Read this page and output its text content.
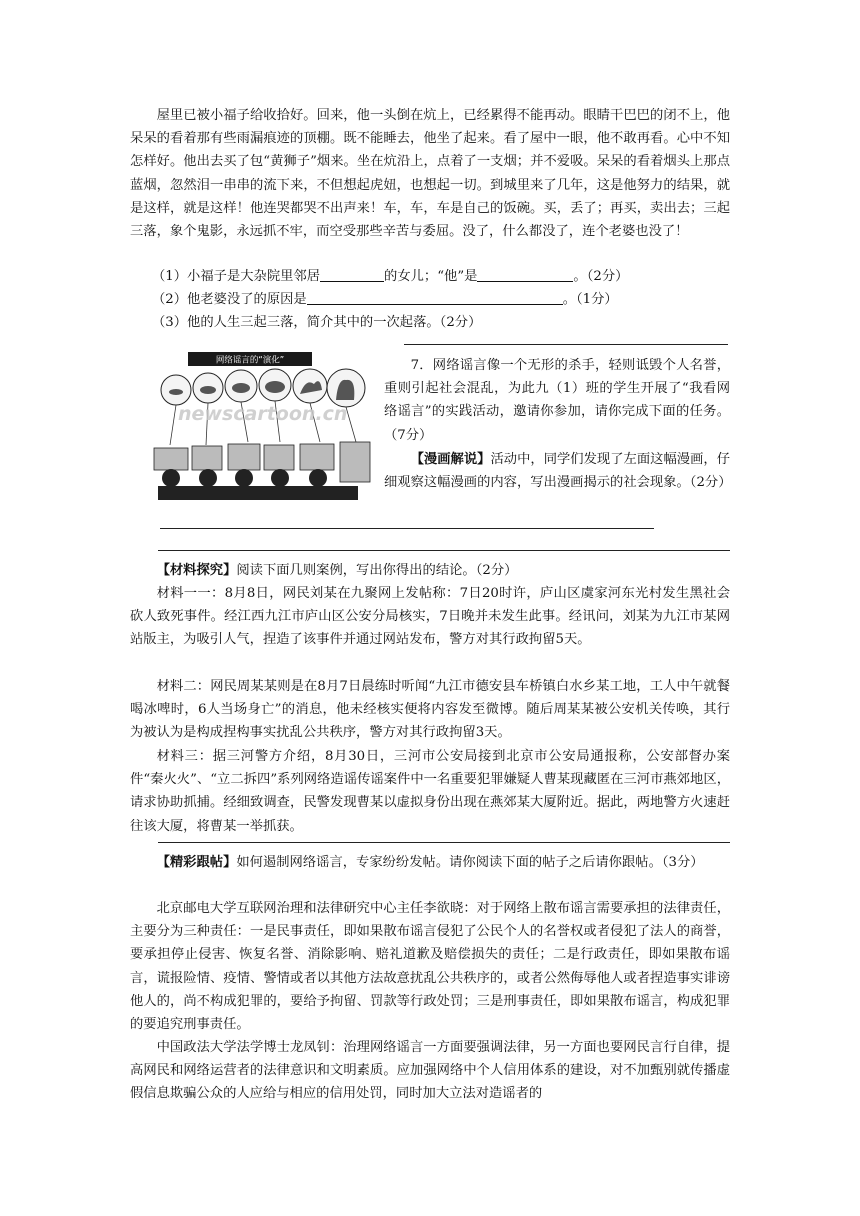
屋里已被小福子给收拾好。回来，他一头倒在炕上，已经累得不能再动。眼睛干巴巴的闭不上，他呆呆的看着那有些雨漏痕迹的顶棚。既不能睡去，他坐了起来。看了屋中一眼，他不敢再看。心中不知怎样好。他出去买了包“黄狮子”烟来。坐在炕沿上，点着了一支烟；并不爱吸。呆呆的看着烟头上那点蓝烟，忽然泪一串串的流下来，不但想起虎妞，也想起一切。到城里来了几年，这是他努力的结果，就是这样，就是这样！他连哭都哭不出声来！车，车，车是自己的饭碗。买，丢了；再买，卖出去；三起三落，象个鬼影，永远抓不牢，而空受那些辛苦与委屈。没了，什么都没了，连个老婆也没了！

（1）小福子是大杂院里邻居	的女儿；“他”是	。（2分）
（2）他老婆没了的原因是	。（1分）
（3）他的人生三起三落，简介其中的一次起落。（2分）
网络谣言的“演化”
newscartoon.cn

7．网络谣言像一个无形的杀手，轻则诋毁个人名誉，重则引起社会混乱，为此九（1）班的学生开展了“我看网络谣言”的实践活动，邀请你参加，请你完成下面的任务。（7分）

【漫画解说】活动中，同学们发现了左面这幅漫画，仔细观察这幅漫画的内容，写出漫画揭示的社会现象。（2分）

【材料探究】阅读下面几则案例，写出你得出的结论。（2分）

材料一一：8月8日，网民刘某在九聚网上发帖称：7日20时许，庐山区虞家河东光村发生黑社会砍人致死事件。经江西九江市庐山区公安分局核实，7日晚并未发生此事。经讯问，刘某为九江市某网站版主，为吸引人气，捏造了该事件并通过网站发布，警方对其行政拘留5天。

材料二：网民周某某则是在8月7日晨练时听闻“九江市德安县车桥镇白水乡某工地，工人中午就餐喝冰啤时，6人当场身亡”的消息，他未经核实便将内容发至微博。随后周某某被公安机关传唤，其行为被认为是构成捏构事实扰乱公共秩序，警方对其行政拘留3天。

材料三：据三河警方介绍，8月30日，三河市公安局接到北京市公安局通报称，公安部督办案件“秦火火”、“立二拆四”系列网络造谣传谣案件中一名重要犯罪嫌疑人曹某现藏匿在三河市燕郊地区，请求协助抓捕。经细致调查，民警发现曹某以虚拟身份出现在燕郊某大厦附近。据此，两地警方火速赶往该大厦，将曹某一举抓获。

【精彩跟帖】如何遏制网络谣言，专家纷纷发帖。请你阅读下面的帖子之后请你跟帖。（3分）

北京邮电大学互联网治理和法律研究中心主任李欲晓：对于网络上散布谣言需要承担的法律责任，主要分为三种责任：一是民事责任，即如果散布谣言侵犯了公民个人的名誉权或者侵犯了法人的商誉，要承担停止侵害、恢复名誉、消除影响、赔礼道歉及赔偿损失的责任；二是行政责任，即如果散布谣言，谎报险情、疫情、警情或者以其他方法故意扰乱公共秩序的，或者公然侮辱他人或者捏造事实诽谤他人的，尚不构成犯罪的，要给予拘留、罚款等行政处罚；三是刑事责任，即如果散布谣言，构成犯罪的要追究刑事责任。

中国政法大学法学博士龙凤钊：治理网络谣言一方面要强调法律，另一方面也要网民言行自律，提高网民和网络运营者的法律意识和文明素质。应加强网络中个人信用体系的建设，对不加甄别就传播虚假信息欺骗公众的人应给与相应的信用处罚，同时加大立法对造谣者的
